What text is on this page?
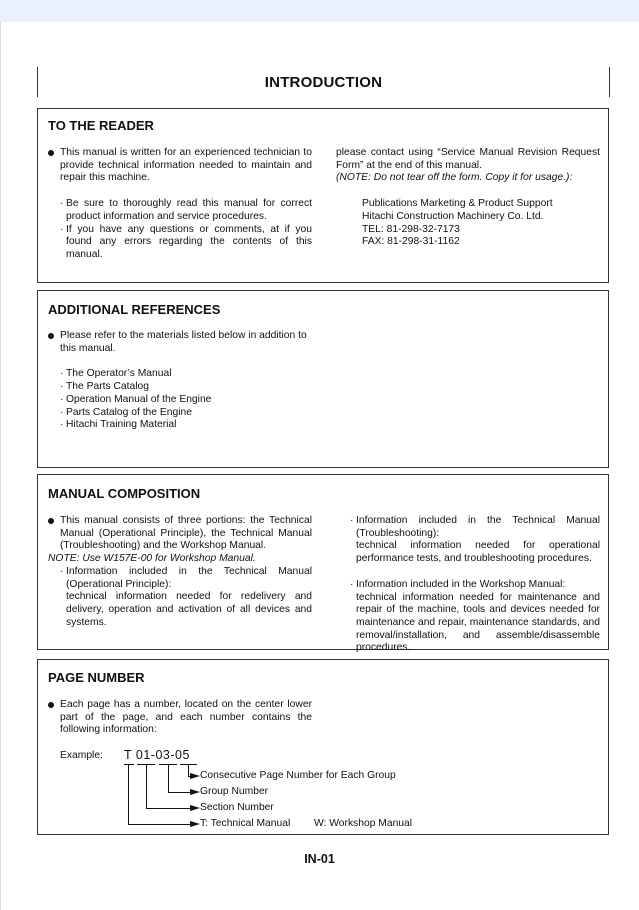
INTRODUCTION
TO THE READER

This manual is written for an experienced technician to provide technical information needed to maintain and repair this machine.

· Be sure to thoroughly read this manual for correct product information and service procedures.

· If you have any questions or comments, at if you found any errors regarding the contents of this manual.

please contact using “Service Manual Revision Request Form” at the end of this manual.

(NOTE: Do not tear off the form. Copy it for usage.):

Publications Marketing & Product Support

Hitachi Construction Machinery Co. Ltd.

TEL: 81-298-32-7173

FAX: 81-298-31-1162

ADDITIONAL REFERENCES

Please refer to the materials listed below in addition to this manual.

· The Operator’s Manual

· The Parts Catalog

· Operation Manual of the Engine

· Parts Catalog of the Engine

· Hitachi Training Material

MANUAL COMPOSITION

This manual consists of three portions: the Technical Manual (Operational Principle), the Technical Manual (Troubleshooting) and the Workshop Manual.

NOTE: Use W157E-00 for Workshop Manual.

· Information included in the Technical Manual (Operational Principle):

technical information needed for redelivery and delivery, operation and activation of all devices and systems.

· Information included in the Technical Manual (Troubleshooting):

technical information needed for operational performance tests, and troubleshooting procedures.

· Information included in the Workshop Manual:

technical information needed for maintenance and repair of the machine, tools and devices needed for maintenance and repair, maintenance standards, and removal/installation, and assemble/disassemble procedures.

PAGE NUMBER

Each page has a number, located on the center lower part of the page, and each number contains the following information:

Example: T 01-03-05
Consecutive Page Number for Each Group
Group Number
Section Number
T: Technical Manual W: Workshop Manual
IN-01
